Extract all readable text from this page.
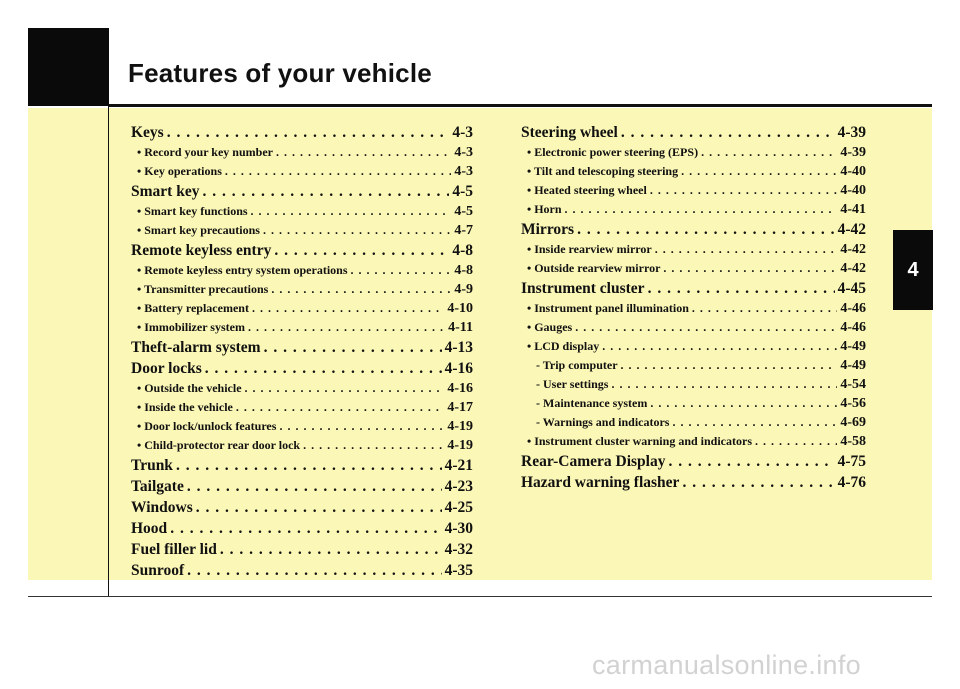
Features of your vehicle
4
Keys . . .	4-3
• Record your key number . . .	4-3
• Key operations . . .	4-3
Smart key . . .	4-5
• Smart key functions . . .	4-5
• Smart key precautions . . .	4-7
Remote keyless entry . . .	4-8
• Remote keyless entry system operations . . .	4-8
• Transmitter precautions . . .	4-9
• Battery replacement . . .	4-10
• Immobilizer system . . .	4-11
Theft-alarm system . . .	4-13
Door locks . . .	4-16
• Outside the vehicle . . .	4-16
• Inside the vehicle . . .	4-17
• Door lock/unlock features . . .	4-19
• Child-protector rear door lock . . .	4-19
Trunk . . .	4-21
Tailgate . . .	4-23
Windows . . .	4-25
Hood . . .	4-30
Fuel filler lid . . .	4-32
Sunroof . . .	4-35
Steering wheel . . .	4-39
• Electronic power steering (EPS) . . .	4-39
• Tilt and telescoping steering . . .	4-40
• Heated steering wheel . . .	4-40
• Horn . . .	4-41
Mirrors . . .	4-42
• Inside rearview mirror . . .	4-42
• Outside rearview mirror . . .	4-42
Instrument cluster . . .	4-45
• Instrument panel illumination . . .	4-46
• Gauges . . .	4-46
• LCD display . . .	4-49
- Trip computer . . .	4-49
- User settings . . .	4-54
- Maintenance system . . .	4-56
- Warnings and indicators . . .	4-69
• Instrument cluster warning and indicators . . .	4-58
Rear-Camera Display . . .	4-75
Hazard warning flasher . . .	4-76
carmanualsonline.info
